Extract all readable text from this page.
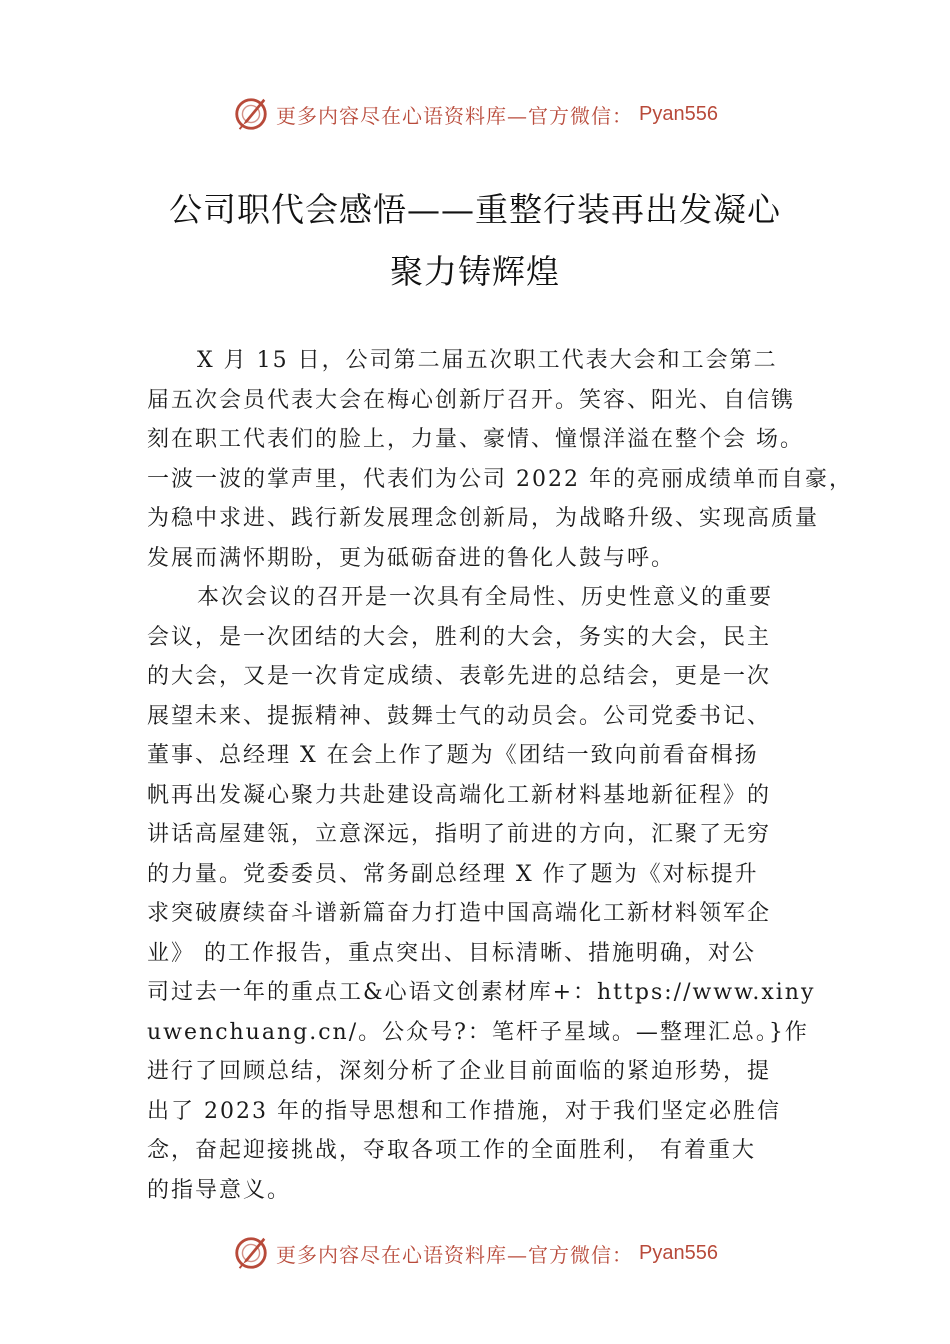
更多内容尽在心语资料库—官方微信： Pyan556
公司职代会感悟——重整行装再出发凝心
聚力铸辉煌
X 月 15 日，公司第二届五次职工代表大会和工会第二
届五次会员代表大会在梅心创新厅召开。笑容、阳光、自信镌
刻在职工代表们的脸上，力量、豪情、憧憬洋溢在整个会 场。
一波一波的掌声里，代表们为公司 2022 年的亮丽成绩单而自豪，
为稳中求进、践行新发展理念创新局，为战略升级、实现高质量
发展而满怀期盼，更为砥砺奋进的鲁化人鼓与呼。
本次会议的召开是一次具有全局性、历史性意义的重要
会议，是一次团结的大会，胜利的大会，务实的大会，民主
的大会，又是一次肯定成绩、表彰先进的总结会，更是一次
展望未来、提振精神、鼓舞士气的动员会。公司党委书记、
董事、总经理 X 在会上作了题为《团结一致向前看奋楫扬
帆再出发凝心聚力共赴建设高端化工新材料基地新征程》的
讲话高屋建瓴，立意深远，指明了前进的方向，汇聚了无穷
的力量。党委委员、常务副总经理 X 作了题为《对标提升
求突破赓续奋斗谱新篇奋力打造中国高端化工新材料领军企
业》 的工作报告，重点突出、目标清晰、措施明确，对公
司过去一年的重点工&心语文创素材库+：https://www.xiny
uwenchuang.cn/。公众号?：笔杆子星域。—整理汇总。}作
进行了回顾总结，深刻分析了企业目前面临的紧迫形势，提
出了 2023 年的指导思想和工作措施，对于我们坚定必胜信
念，奋起迎接挑战，夺取各项工作的全面胜利， 有着重大
的指导意义。
更多内容尽在心语资料库—官方微信： Pyan556
